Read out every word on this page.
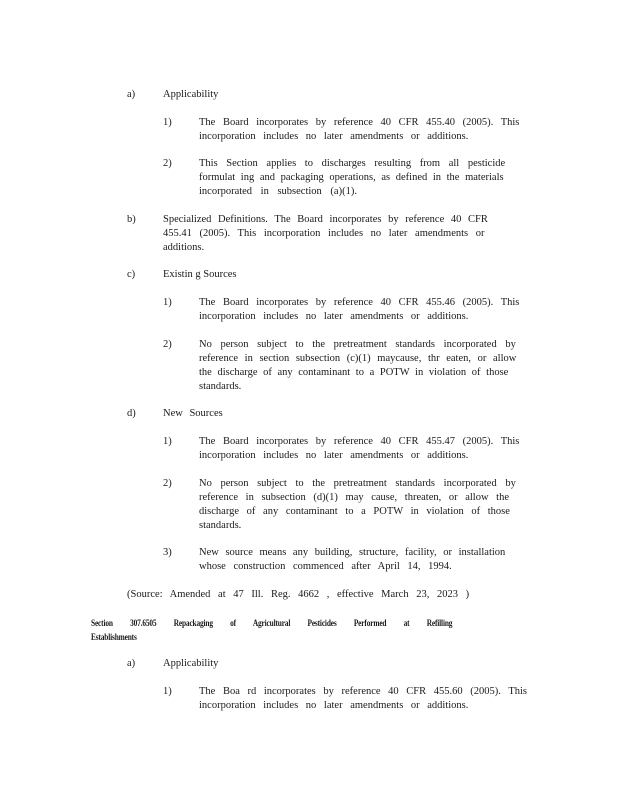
a)	Applicability
1)	The Board incorporates by reference 40 CFR 455.40 (2005). This
incorporation includes no later amendments or additions.
2)	This Section applies to discharges resulting from all pesticide
formulat ing and packaging operations, as defined in the materials
incorporated in subsection (a)(1).
b)	Specialized Definitions. The Board incorporates by reference 40 CFR
455.41 (2005). This incorporation includes no later amendments or
additions.
c)	Existin g Sources
1)	The Board incorporates by reference 40 CFR 455.46 (2005). This
incorporation includes no later amendments or additions.
2)	No person subject to the pretreatment standards incorporated by
reference in section subsection (c)(1) maycause, thr eaten, or allow
the discharge of any contaminant to a POTW in violation of those
standards.
d)	New Sources
1)	The Board incorporates by reference 40 CFR 455.47 (2005). This
incorporation includes no later amendments or additions.
2)	No person subject to the pretreatment standards incorporated by
reference in subsection (d)(1) may cause, threaten, or allow the
discharge of any contaminant to a POTW in violation of those
standards.
3)	New source means any building, structure, facility, or installation
whose construction commenced after April 14, 1994.
(Source: Amended at 47 Ill. Reg. 4662 , effective March 23, 2023 )
Section 307.6505 Repackaging of Agricultural Pesticides Performed at Refilling
Establishments
a)	Applicability
1)	The Boa rd incorporates by reference 40 CFR 455.60 (2005). This
incorporation includes no later amendments or additions.
